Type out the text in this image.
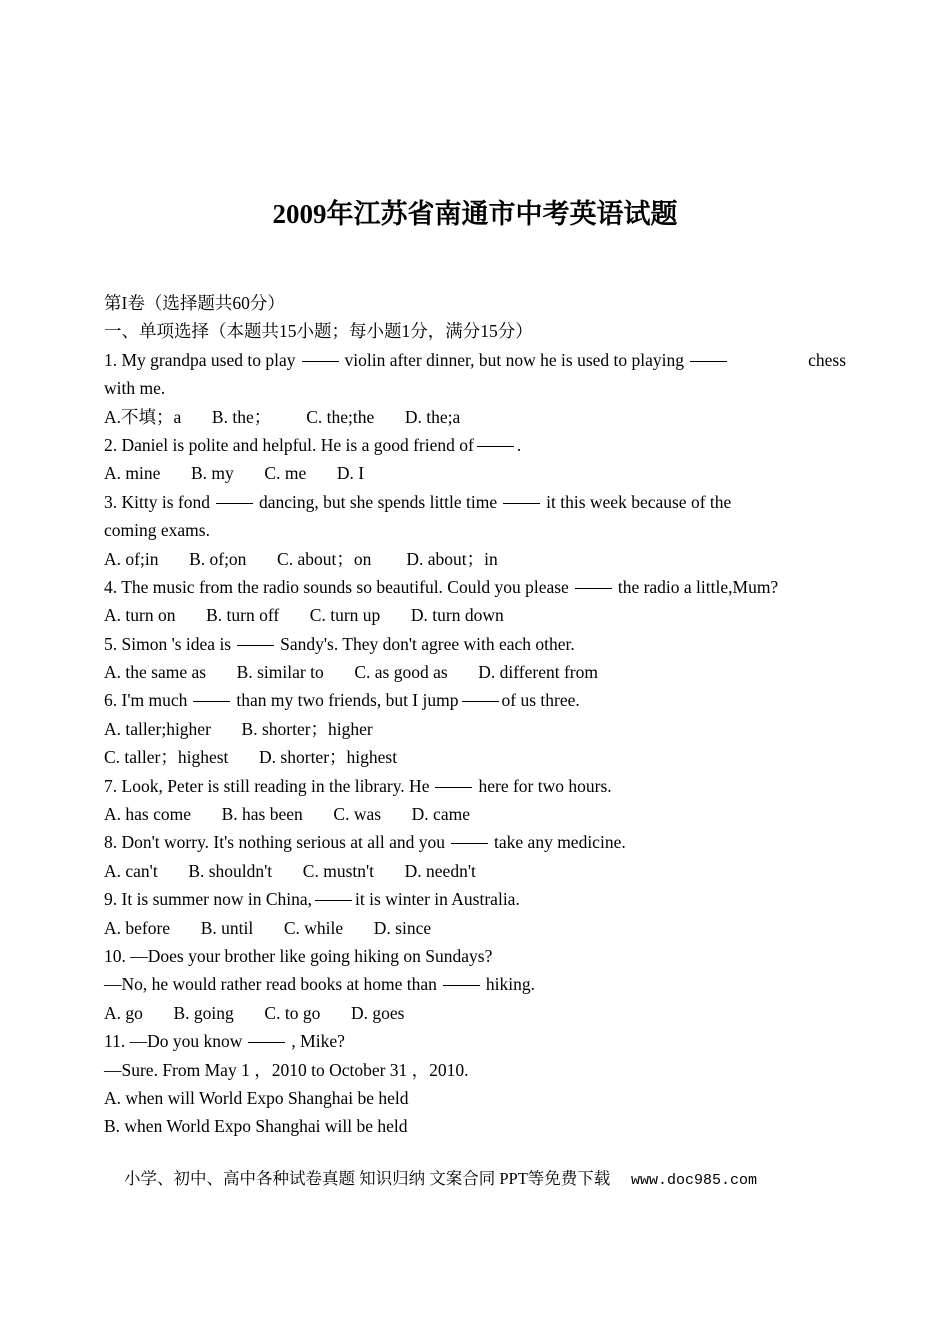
2009年江苏省南通市中考英语试题
第I卷（选择题共60分）
一、单项选择（本题共15小题；每小题1分，满分15分）
1. My grandpa used to play	violin after dinner, but now he is used to playing	chess
with me.
A.不填；a       B. the；        C. the;the       D. the;a
2. Daniel is polite and helpful. He is a good friend of .
A. mine       B. my       C. me       D. I
3. Kitty is fond	dancing, but she spends little time	it this week because of the
coming exams.
A. of;in       B. of;on       C. about；on        D. about；in
4. The music from the radio sounds so beautiful. Could you please	the radio a little,Mum?
A. turn on       B. turn off       C. turn up       D. turn down
5. Simon 's idea is	Sandy's. They don't agree with each other.
A. the same as       B. similar to       C. as good as       D. different from
6. I'm much	than my two friends, but I jump of us three.
A. taller;higher       B. shorter；higher
C. taller；highest       D. shorter；highest
7. Look, Peter is still reading in the library. He	here for two hours.
A. has come       B. has been       C. was       D. came
8. Don't worry. It's nothing serious at all and you	take any medicine.
A. can't       B. shouldn't       C. mustn't       D. needn't
9. It is summer now in China, it is winter in Australia.
A. before       B. until       C. while       D. since
10. ―Does your brother like going hiking on Sundays?
―No, he would rather read books at home than	hiking.
A. go       B. going       C. to go       D. goes
11. ―Do you know	, Mike?
—Sure. From May 1 ，2010 to October 31 ，2010.
A. when will World Expo Shanghai be held
B. when World Expo Shanghai will be held
小学、初中、高中各种试卷真题 知识归纳 文案合同 PPT等免费下载 www.doc985.com
